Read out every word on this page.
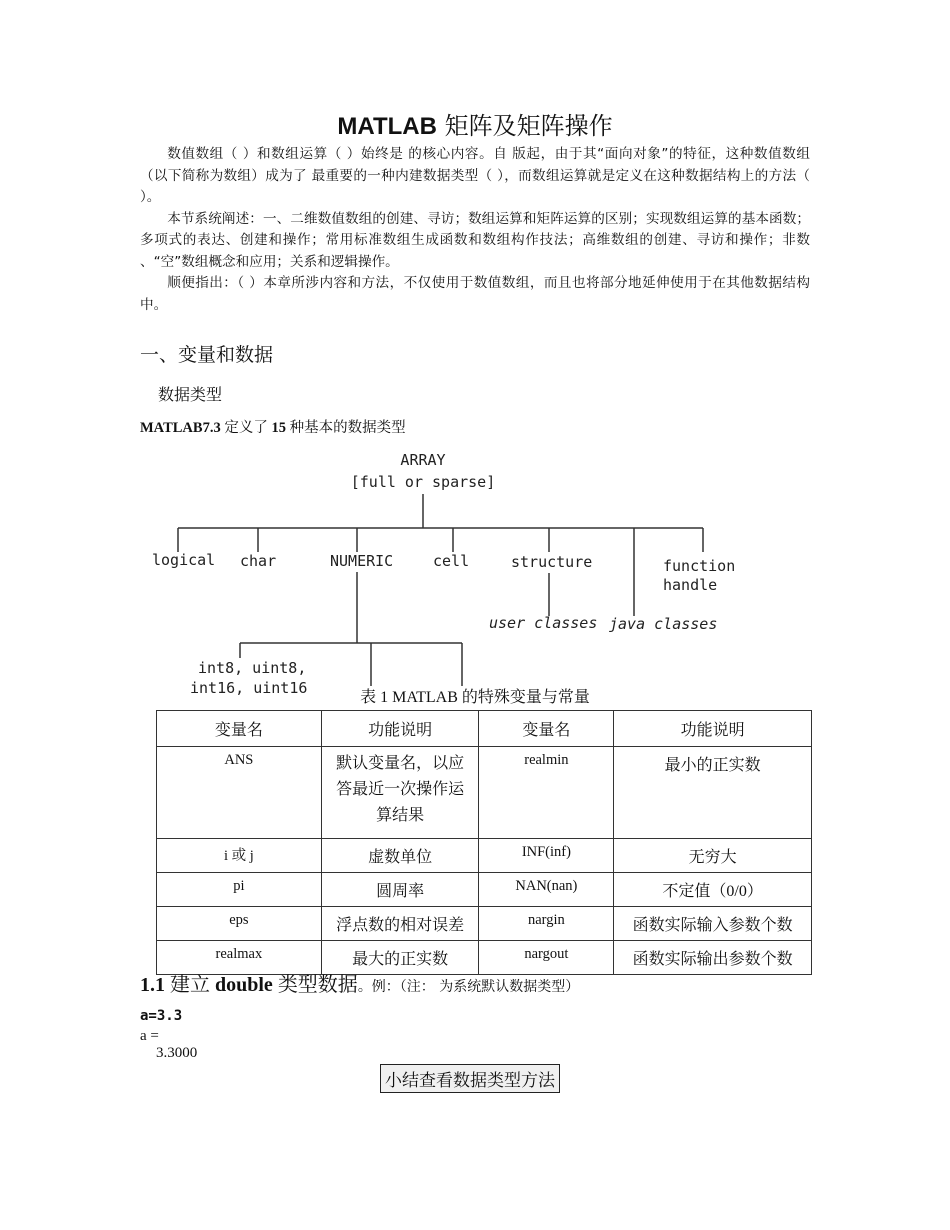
MATLAB 矩阵及矩阵操作

数值数组（ ）和数组运算（ ）始终是 的核心内容。自 版起，由于其“面向对象”的特征，这种数值数组（以下简称为数组）成为了 最重要的一种内建数据类型（ ），而数组运算就是定义在这种数据结构上的方法（ ）。

本节系统阐述：一、二维数值数组的创建、寻访；数组运算和矩阵运算的区别；实现数组运算的基本函数；多项式的表达、创建和操作；常用标准数组生成函数和数组构作技法；高维数组的创建、寻访和操作；非数 、“空”数组概念和应用；关系和逻辑操作。

顺便指出：（ ）本章所涉内容和方法，不仅使用于数值数组，而且也将部分地延伸使用于在其他数据结构中。

一、变量和数据
数据类型
MATLAB7.3 定义了 15 种基本的数据类型
ARRAY
[full or sparse]
logical char	NUMERIC	cell	structure	function
handle
user classes java classes
int8, uint8,
int16, uint16
表 1 MATLAB 的特殊变量与常量
变量名	功能说明	变量名	功能说明
ANS	默认变量名，以应答最近一次操作运算结果	realmin	最小的正实数
i 或 j	虚数单位	INF(inf)	无穷大
pi	圆周率	NAN(nan)	不定值（0/0）
eps	浮点数的相对误差	nargin	函数实际输入参数个数
realmax	最大的正实数	nargout	函数实际输出参数个数
1.1 建立 double 类型数据。例：（注： 为系统默认数据类型）
a=3.3
a =
3.3000
小结查看数据类型方法
